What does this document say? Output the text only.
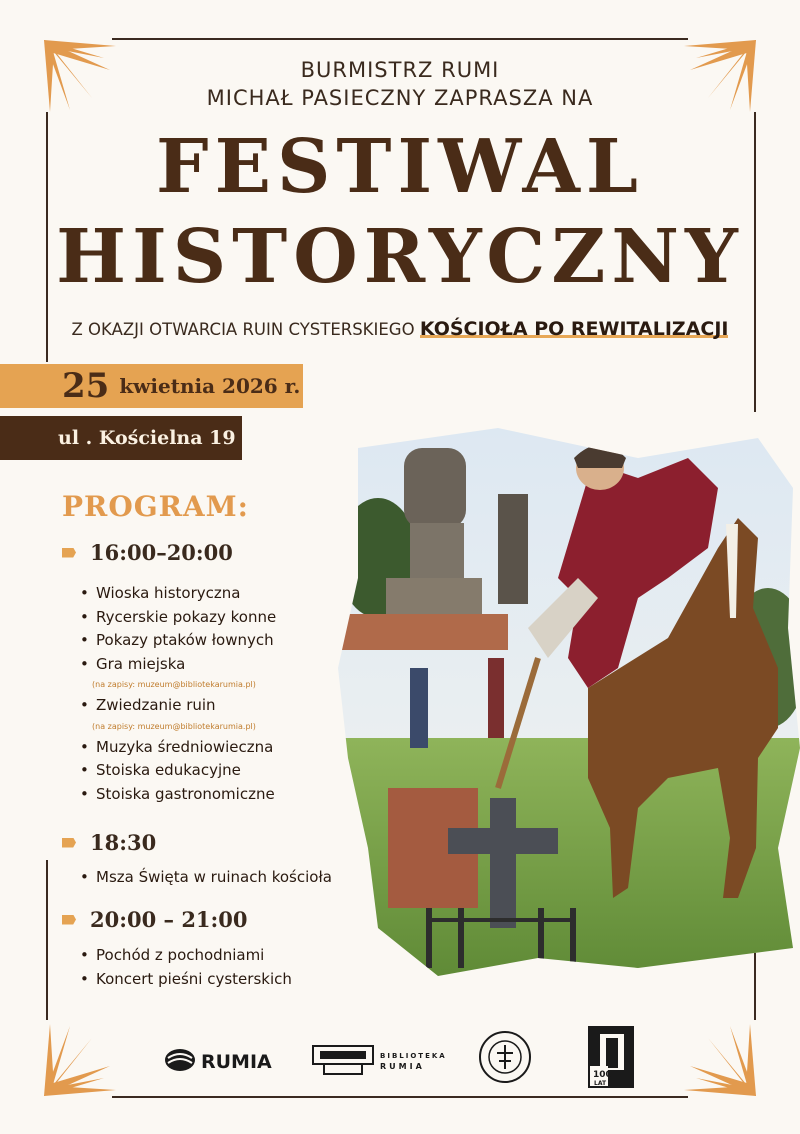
BURMISTRZ RUMI
MICHAŁ PASIECZNY ZAPRASZA NA
FESTIWAL
HISTORYCZNY
Z OKAZJI OTWARCIA RUIN CYSTERSKIEGO KOŚCIOŁA PO REWITALIZACJI
25 kwietnia 2026 r.
ul . Kościelna 19
PROGRAM:
16:00–20:00
• Wioska historyczna
• Rycerskie pokazy konne
• Pokazy ptaków łownych
• Gra miejska
(na zapisy: muzeum@bibliotekarumia.pl)
• Zwiedzanie ruin
(na zapisy: muzeum@bibliotekarumia.pl)
• Muzyka średniowieczna
• Stoiska edukacyjne
• Stoiska gastronomiczne
18:30
• Msza Święta w ruinach kościoła
20:00 – 21:00
• Pochód z pochodniami
• Koncert pieśni cysterskich
RUMIA	BIBLIOTEKA
RUMIA
100
LAT
